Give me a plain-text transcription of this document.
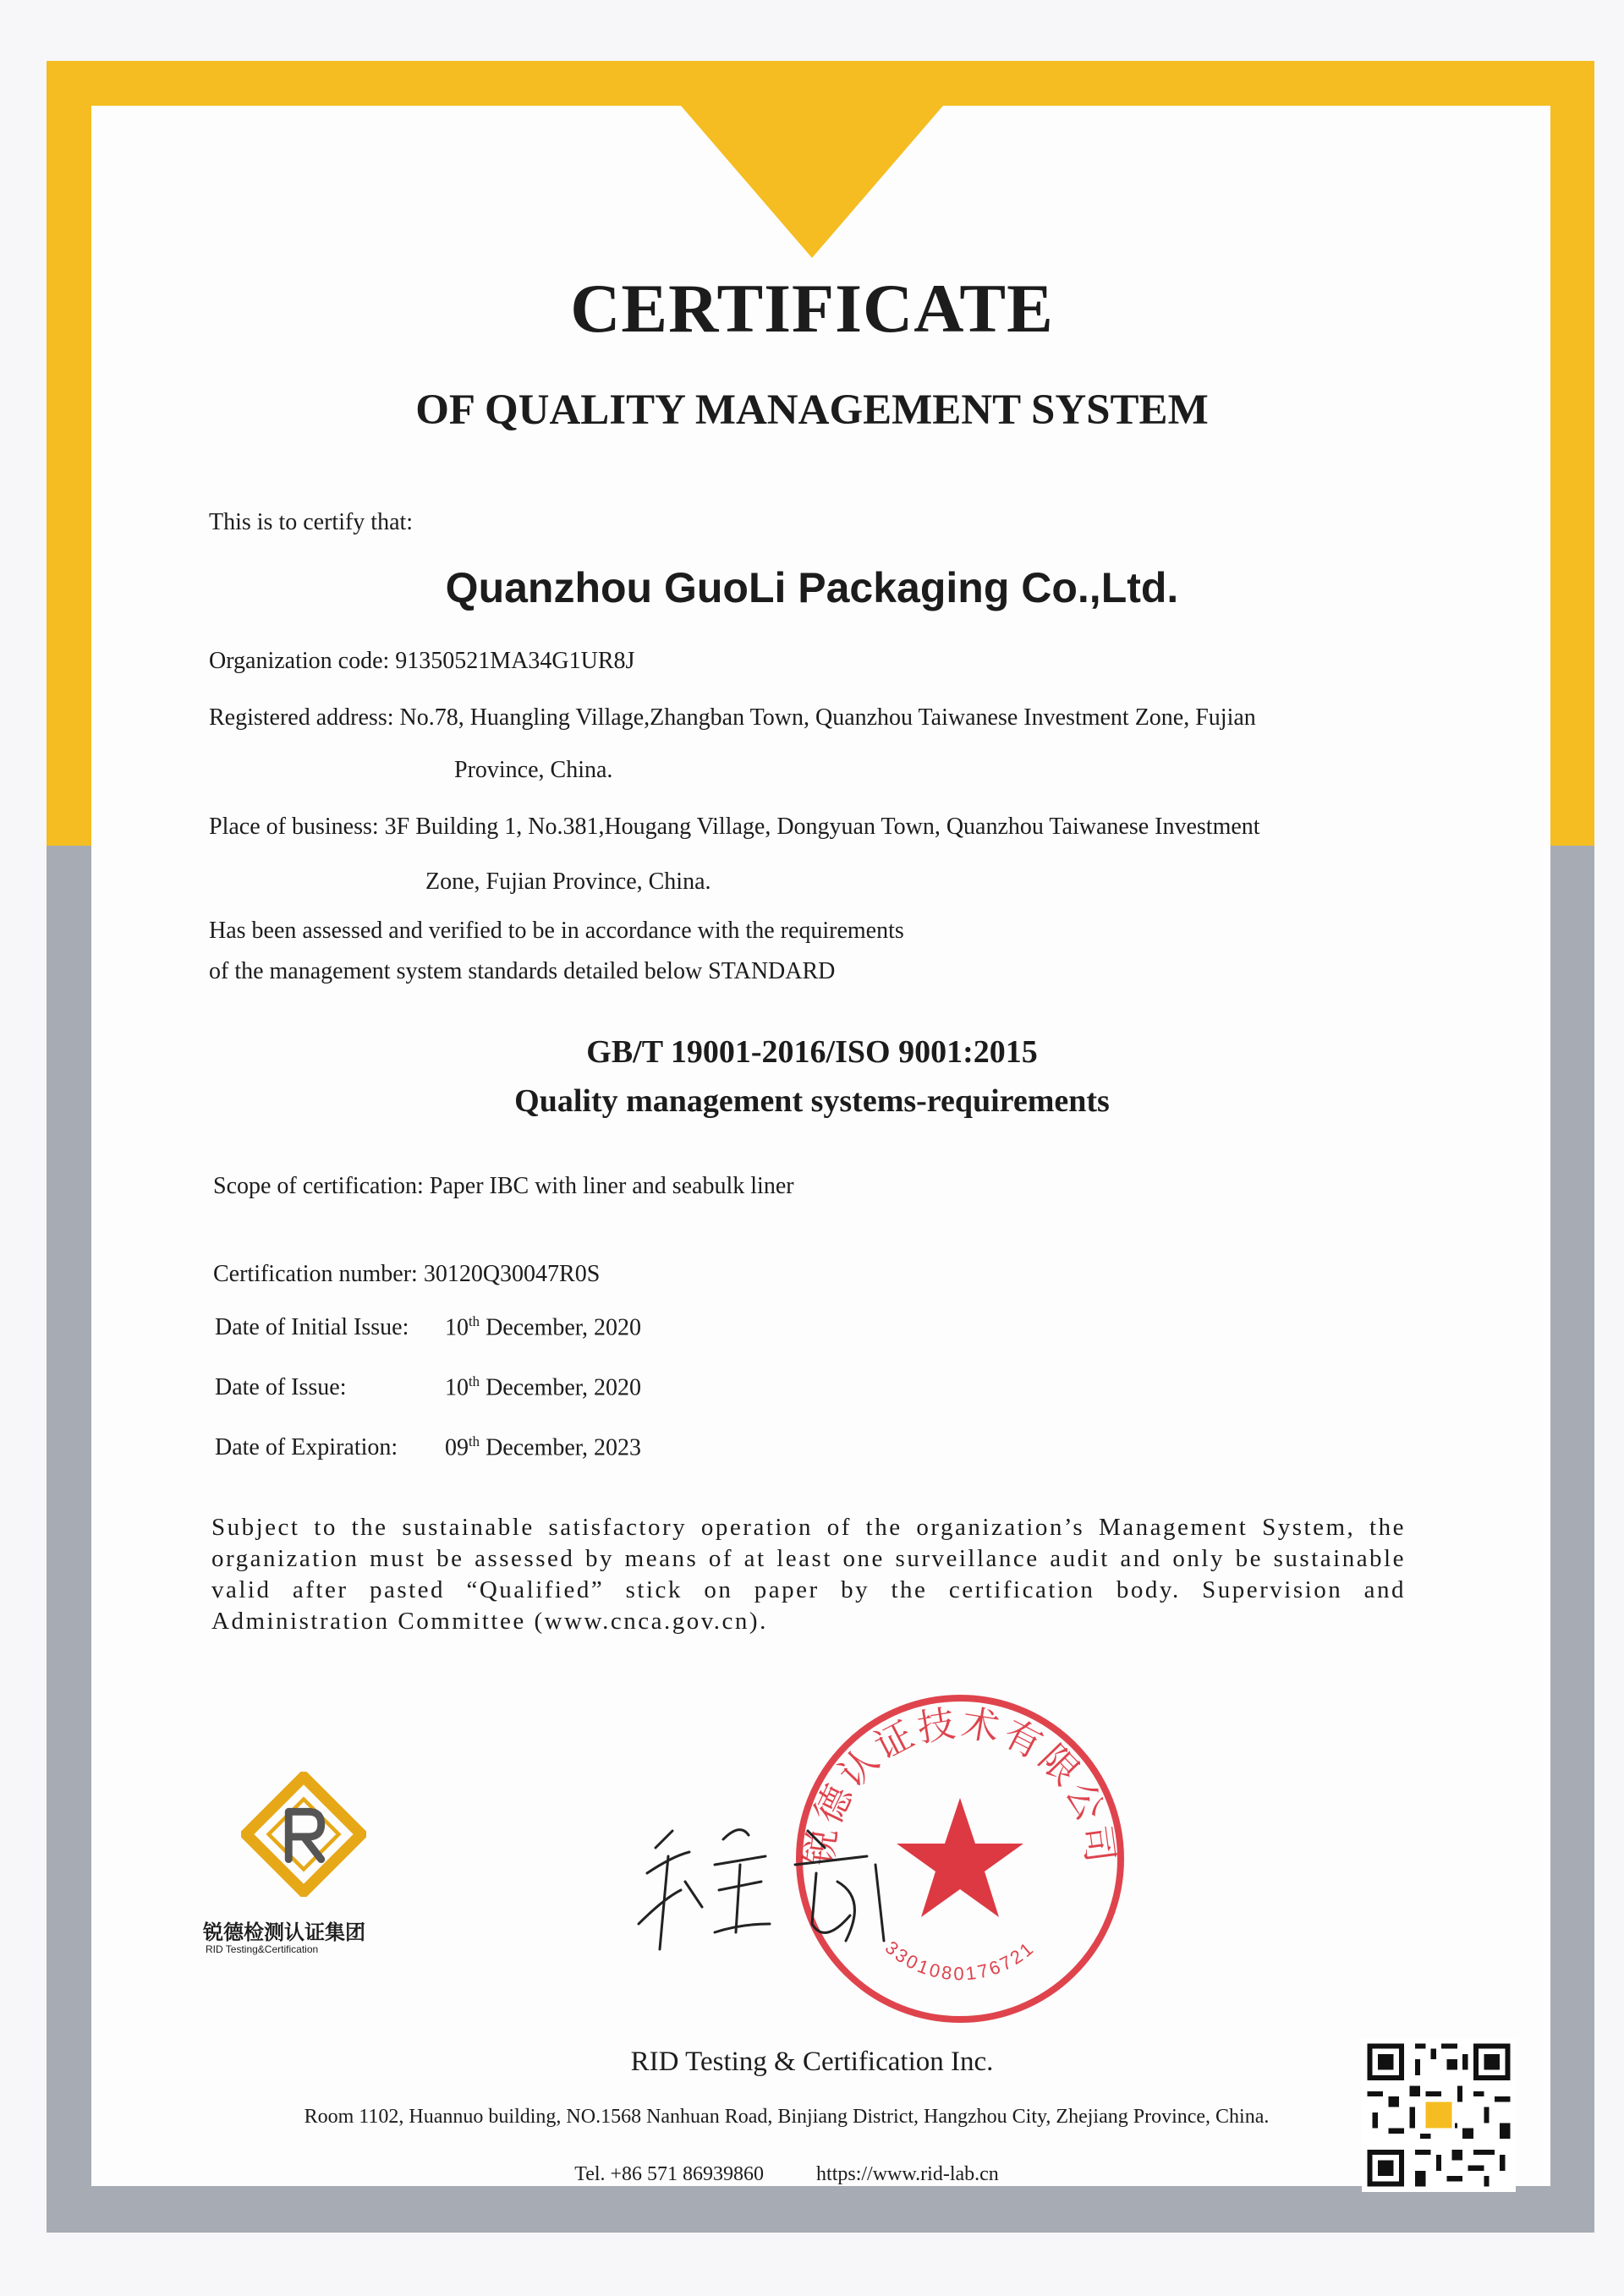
CERTIFICATE
OF QUALITY MANAGEMENT SYSTEM

This is to certify that:

Quanzhou GuoLi Packaging Co.,Ltd.

Organization code: 91350521MA34G1UR8J

Registered address: No.78, Huangling Village,Zhangban Town, Quanzhou Taiwanese Investment Zone, Fujian

Province, China.

Place of business: 3F Building 1, No.381,Hougang Village, Dongyuan Town, Quanzhou Taiwanese Investment

Zone, Fujian Province, China.

Has been assessed and verified to be in accordance with the requirements

of the management system standards detailed below STANDARD

GB/T 19001-2016/ISO 9001:2015

Quality management systems-requirements

Scope of certification: Paper IBC with liner and seabulk liner

Certification number: 30120Q30047R0S

Date of Initial Issue: 10th December, 2020

Date of Issue:	10th December, 2020

Date of Expiration: 09th December, 2023

Subject to the sustainable satisfactory operation of the organization’s Management System, the organization must be assessed by means of at least one surveillance audit and only be sustainable valid after pasted “Qualified” stick on paper by the certification body. Supervision and Administration Committee (www.cnca.gov.cn).

锐德检测认证集团

RID Testing&Certification

锐德认证技术有限公司
3301080176721

RID Testing & Certification Inc.

Room 1102, Huannuo building, NO.1568 Nanhuan Road, Binjiang District, Hangzhou City, Zhejiang Province, China.

Tel. +86 571 86939860	https://www.rid-lab.cn
